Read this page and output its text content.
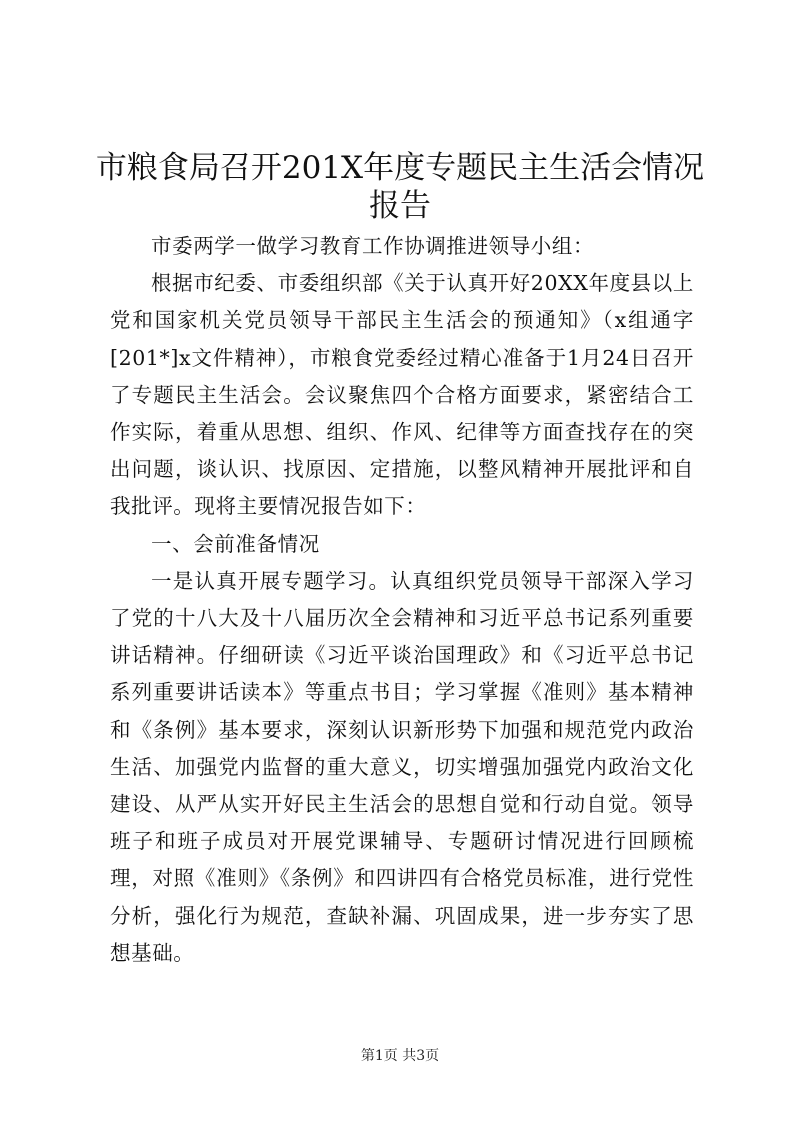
市粮食局召开201X年度专题民主生活会情况
报告

市委两学一做学习教育工作协调推进领导小组：

根据市纪委、市委组织部《关于认真开好20XX年度县以上党和国家机关党员领导干部民主生活会的预通知》（x组通字[201*]x文件精神），市粮食党委经过精心准备于1月24日召开了专题民主生活会。会议聚焦四个合格方面要求，紧密结合工作实际，着重从思想、组织、作风、纪律等方面查找存在的突出问题，谈认识、找原因、定措施，以整风精神开展批评和自我批评。现将主要情况报告如下：

一、会前准备情况

一是认真开展专题学习。认真组织党员领导干部深入学习了党的十八大及十八届历次全会精神和习近平总书记系列重要讲话精神。仔细研读《习近平谈治国理政》和《习近平总书记系列重要讲话读本》等重点书目；学习掌握《准则》基本精神和《条例》基本要求，深刻认识新形势下加强和规范党内政治生活、加强党内监督的重大意义，切实增强加强党内政治文化建设、从严从实开好民主生活会的思想自觉和行动自觉。领导班子和班子成员对开展党课辅导、专题研讨情况进行回顾梳理，对照《准则》《条例》和四讲四有合格党员标准，进行党性分析，强化行为规范，查缺补漏、巩固成果，进一步夯实了思想基础。

第1页 共3页
